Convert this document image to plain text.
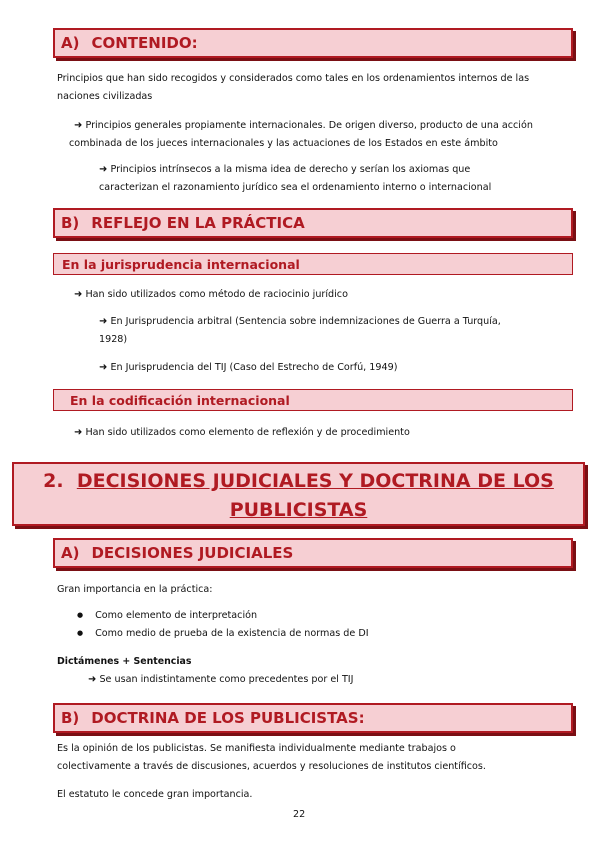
A) CONTENIDO:
Principios que han sido recogidos y considerados como tales en los ordenamientos internos de las
naciones civilizadas
➜ Principios generales propiamente internacionales. De origen diverso, producto de una acción
combinada de los jueces internacionales y las actuaciones de los Estados en este ámbito
➜ Principios intrínsecos a la misma idea de derecho y serían los axiomas que
caracterizan el razonamiento jurídico sea el ordenamiento interno o internacional
B) REFLEJO EN LA PRÁCTICA
En la jurisprudencia internacional
➜ Han sido utilizados como método de raciocinio jurídico
➜ En Jurisprudencia arbitral (Sentencia sobre indemnizaciones de Guerra a Turquía,
1928)
➜ En Jurisprudencia del TIJ (Caso del Estrecho de Corfú, 1949)
En la codificación internacional
➜ Han sido utilizados como elemento de reflexión y de procedimiento
2. DECISIONES JUDICIALES Y DOCTRINA DE LOS
PUBLICISTAS
A) DECISIONES JUDICIALES
Gran importancia en la práctica:
● Como elemento de interpretación
● Como medio de prueba de la existencia de normas de DI
Dictámenes + Sentencias
➜ Se usan indistintamente como precedentes por el TIJ
B) DOCTRINA DE LOS PUBLICISTAS:
Es la opinión de los publicistas. Se manifiesta individualmente mediante trabajos o
colectivamente a través de discusiones, acuerdos y resoluciones de institutos científicos.
El estatuto le concede gran importancia.
22
